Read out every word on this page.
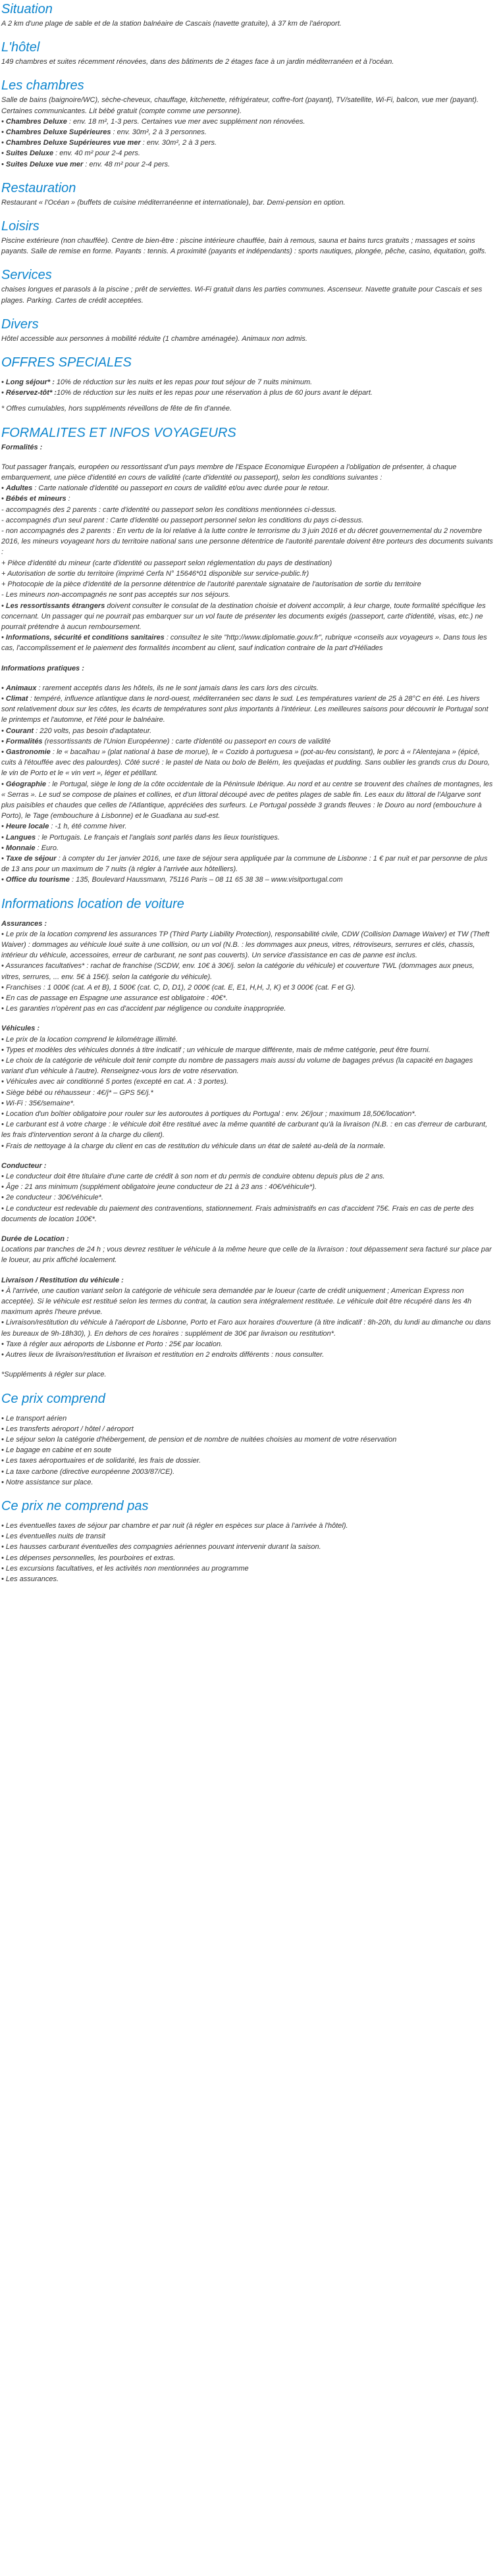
Situation

A 2 km d'une plage de sable et de la station balnéaire de Cascais (navette gratuite), à 37 km de l'aéroport.

L'hôtel

149 chambres et suites récemment rénovées, dans des bâtiments de 2 étages face à un jardin méditerranéen et à l'océan.

Les chambres

Salle de bains (baignoire/WC), sèche-cheveux, chauffage, kitchenette, réfrigérateur, coffre-fort (payant), TV/satellite, Wi-Fi, balcon, vue mer (payant). Certaines communicantes. Lit bébé gratuit (compte comme une personne).

• Chambres Deluxe : env. 18 m², 1-3 pers. Certaines vue mer avec supplément non rénovées.
• Chambres Deluxe Supérieures : env. 30m², 2 à 3 personnes.
• Chambres Deluxe Supérieures vue mer : env. 30m², 2 à 3 pers.
• Suites Deluxe : env. 40 m² pour 2-4 pers.
• Suites Deluxe vue mer : env. 48 m² pour 2-4 pers.
Restauration

Restaurant « l'Océan » (buffets de cuisine méditerranéenne et internationale), bar. Demi-pension en option.

Loisirs

Piscine extérieure (non chauffée). Centre de bien-être : piscine intérieure chauffée, bain à remous, sauna et bains turcs gratuits ; massages et soins payants. Salle de remise en forme. Payants : tennis. A proximité (payants et indépendants) : sports nautiques, plongée, pêche, casino, équitation, golfs.

Services

chaises longues et parasols à la piscine ; prêt de serviettes. Wi-Fi gratuit dans les parties communes. Ascenseur. Navette gratuite pour Cascais et ses plages. Parking. Cartes de crédit acceptées.

Divers

Hôtel accessible aux personnes à mobilité réduite (1 chambre aménagée). Animaux non admis.

OFFRES SPECIALES
• Long séjour* : 10% de réduction sur les nuits et les repas pour tout séjour de 7 nuits minimum.
• Réservez-tôt* :10% de réduction sur les nuits et les repas pour une réservation à plus de 60 jours avant le départ.

* Offres cumulables, hors suppléments réveillons de fête de fin d'année.

FORMALITES ET INFOS VOYAGEURS

Formalités :

Tout passager français, européen ou ressortissant d'un pays membre de l'Espace Economique Européen a l'obligation de présenter, à chaque embarquement, une pièce d'identité en cours de validité (carte d'identité ou passeport), selon les conditions suivantes :

• Adultes : Carte nationale d'identité ou passeport en cours de validité et/ou avec durée pour le retour.

• Bébés et mineurs :

- accompagnés des 2 parents : carte d'identité ou passeport selon les conditions mentionnées ci-dessus.

- accompagnés d'un seul parent : Carte d'identité ou passeport personnel selon les conditions du pays ci-dessus.

- non accompagnés des 2 parents : En vertu de la loi relative à la lutte contre le terrorisme du 3 juin 2016 et du décret gouvernemental du 2 novembre 2016, les mineurs voyageant hors du territoire national sans une personne détentrice de l'autorité parentale doivent être porteurs des documents suivants :

+ Pièce d'identité du mineur (carte d'identité ou passeport selon réglementation du pays de destination)

+ Autorisation de sortie du territoire (imprimé Cerfa N° 15646*01 disponible sur service-public.fr)

+ Photocopie de la pièce d'identité de la personne détentrice de l'autorité parentale signataire de l'autorisation de sortie du territoire

- Les mineurs non-accompagnés ne sont pas acceptés sur nos séjours.

• Les ressortissants étrangers doivent consulter le consulat de la destination choisie et doivent accomplir, à leur charge, toute formalité spécifique les concernant. Un passager qui ne pourrait pas embarquer sur un vol faute de présenter les documents exigés (passeport, carte d'identité, visas, etc.) ne pourrait prétendre à aucun remboursement.

• Informations, sécurité et conditions sanitaires : consultez le site "http://www.diplomatie.gouv.fr", rubrique «conseils aux voyageurs ». Dans tous les cas, l'accomplissement et le paiement des formalités incombent au client, sauf indication contraire de la part d'Héliades

Informations pratiques :

• Animaux : rarement acceptés dans les hôtels, ils ne le sont jamais dans les cars lors des circuits.
• Climat : tempéré, influence atlantique dans le nord-ouest, méditerranéen sec dans le sud. Les températures varient de 25 à 28°C en été. Les hivers sont relativement doux sur les côtes, les écarts de températures sont plus importants à l'intérieur. Les meilleures saisons pour découvrir le Portugal sont le printemps et l'automne, et l'été pour le balnéaire.
• Courant : 220 volts, pas besoin d'adaptateur.
• Formalités (ressortissants de l'Union Européenne) : carte d'identité ou passeport en cours de validité
• Gastronomie : le « bacalhau » (plat national à base de morue), le « Cozido à portuguesa » (pot-au-feu consistant), le porc à « l'Alentejana » (épicé, cuits à l'étouffée avec des palourdes). Côté sucré : le pastel de Nata ou bolo de Belém, les queijadas et pudding. Sans oublier les grands crus du Douro, le vin de Porto et le « vin vert », léger et pétillant.
• Géographie : le Portugal, siège le long de la côte occidentale de la Péninsule Ibérique. Au nord et au centre se trouvent des chaînes de montagnes, les « Serras ». Le sud se compose de plaines et collines, et d'un littoral découpé avec de petites plages de sable fin. Les eaux du littoral de l'Algarve sont plus paisibles et chaudes que celles de l'Atlantique, appréciées des surfeurs. Le Portugal possède 3 grands fleuves : le Douro au nord (embouchure à Porto), le Tage (embouchure à Lisbonne) et le Guadiana au sud-est.
• Heure locale : -1 h, été comme hiver.
• Langues : le Portugais. Le français et l'anglais sont parlés dans les lieux touristiques.
• Monnaie : Euro.
• Taxe de séjour : à compter du 1er janvier 2016, une taxe de séjour sera appliquée par la commune de Lisbonne : 1 € par nuit et par personne de plus de 13 ans pour un maximum de 7 nuits (à régler à l'arrivée aux hôtelliers).
• Office du tourisme : 135, Boulevard Haussmann, 75116 Paris – 08 11 65 38 38 – www.visitportugal.com
Informations location de voiture

Assurances :

• Le prix de la location comprend les assurances TP (Third Party Liability Protection), responsabilité civile, CDW (Collision Damage Waiver) et TW (Theft Waiver) : dommages au véhicule loué suite à une collision, ou un vol (N.B. : les dommages aux pneus, vitres, rétroviseurs, serrures et clés, chassis, intérieur du véhicule, accessoires, erreur de carburant, ne sont pas couverts). Un service d'assistance en cas de panne est inclus.
• Assurances facultatives* : rachat de franchise (SCDW, env. 10€ à 30€/j. selon la catégorie du véhicule) et couverture TWL (dommages aux pneus, vitres, serrures, ... env. 5€ à 15€/j. selon la catégorie du véhicule).
• Franchises : 1 000€ (cat. A et B), 1 500€ (cat. C, D, D1), 2 000€ (cat. E, E1, H,H, J, K) et 3 000€ (cat. F et G).
• En cas de passage en Espagne une assurance est obligatoire : 40€*.
• Les garanties n'opèrent pas en cas d'accident par négligence ou conduite inappropriée.

Véhicules :

• Le prix de la location comprend le kilométrage illimité.
• Types et modèles des véhicules donnés à titre indicatif ; un véhicule de marque différente, mais de même catégorie, peut être fourni.
• Le choix de la catégorie de véhicule doit tenir compte du nombre de passagers mais aussi du volume de bagages prévus (la capacité en bagages variant d'un véhicule à l'autre). Renseignez-vous lors de votre réservation.
• Véhicules avec air conditionné 5 portes (excepté en cat. A : 3 portes).
• Siège bébé ou réhausseur : 4€/j* – GPS 5€/j.*
• Wi-Fi : 35€/semaine*.
• Location d'un boîtier obligatoire pour rouler sur les autoroutes à portiques du Portugal : env. 2€/jour ; maximum 18,50€/location*.
• Le carburant est à votre charge : le véhicule doit être restitué avec la même quantité de carburant qu'à la livraison (N.B. : en cas d'erreur de carburant, les frais d'intervention seront à la charge du client).
• Frais de nettoyage à la charge du client en cas de restitution du véhicule dans un état de saleté au-delà de la normale.

Conducteur :

• Le conducteur doit être titulaire d'une carte de crédit à son nom et du permis de conduire obtenu depuis plus de 2 ans.
• Âge : 21 ans minimum (supplément obligatoire jeune conducteur de 21 à 23 ans : 40€/véhicule*).
• 2e conducteur : 30€/véhicule*.
• Le conducteur est redevable du paiement des contraventions, stationnement. Frais administratifs en cas d'accident 75€. Frais en cas de perte des documents de location 100€*.

Durée de Location :

Locations par tranches de 24 h ; vous devrez restituer le véhicule à la même heure que celle de la livraison : tout dépassement sera facturé sur place par le loueur, au prix affiché localement.

Livraison / Restitution du véhicule :

• À l'arrivée, une caution variant selon la catégorie de véhicule sera demandée par le loueur (carte de crédit uniquement ; American Express non acceptée). Si le véhicule est restitué selon les termes du contrat, la caution sera intégralement restituée. Le véhicule doit être récupéré dans les 4h maximum après l'heure prévue.
• Livraison/restitution du véhicule à l'aéroport de Lisbonne, Porto et Faro aux horaires d'ouverture (à titre indicatif : 8h-20h, du lundi au dimanche ou dans les bureaux de 9h-18h30), ). En dehors de ces horaires : supplément de 30€ par livraison ou restitution*.
• Taxe à régler aux aéroports de Lisbonne et Porto : 25€ par location.
• Autres lieux de livraison/restitution et livraison et restitution en 2 endroits différents : nous consulter.

*Suppléments à régler sur place.

Ce prix comprend
• Le transport aérien
• Les transferts aéroport / hôtel / aéroport
• Le séjour selon la catégorie d'hébergement, de pension et de nombre de nuitées choisies au moment de votre réservation
• Le bagage en cabine et en soute
• Les taxes aéroportuaires et de solidarité, les frais de dossier.
• La taxe carbone (directive européenne 2003/87/CE).
• Notre assistance sur place.
Ce prix ne comprend pas
• Les éventuelles taxes de séjour par chambre et par nuit (à régler en espèces sur place à l'arrivée à l'hôtel).
• Les éventuelles nuits de transit
• Les hausses carburant éventuelles des compagnies aériennes pouvant intervenir durant la saison.
• Les dépenses personnelles, les pourboires et extras.
• Les excursions facultatives, et les activités non mentionnées au programme
• Les assurances.
